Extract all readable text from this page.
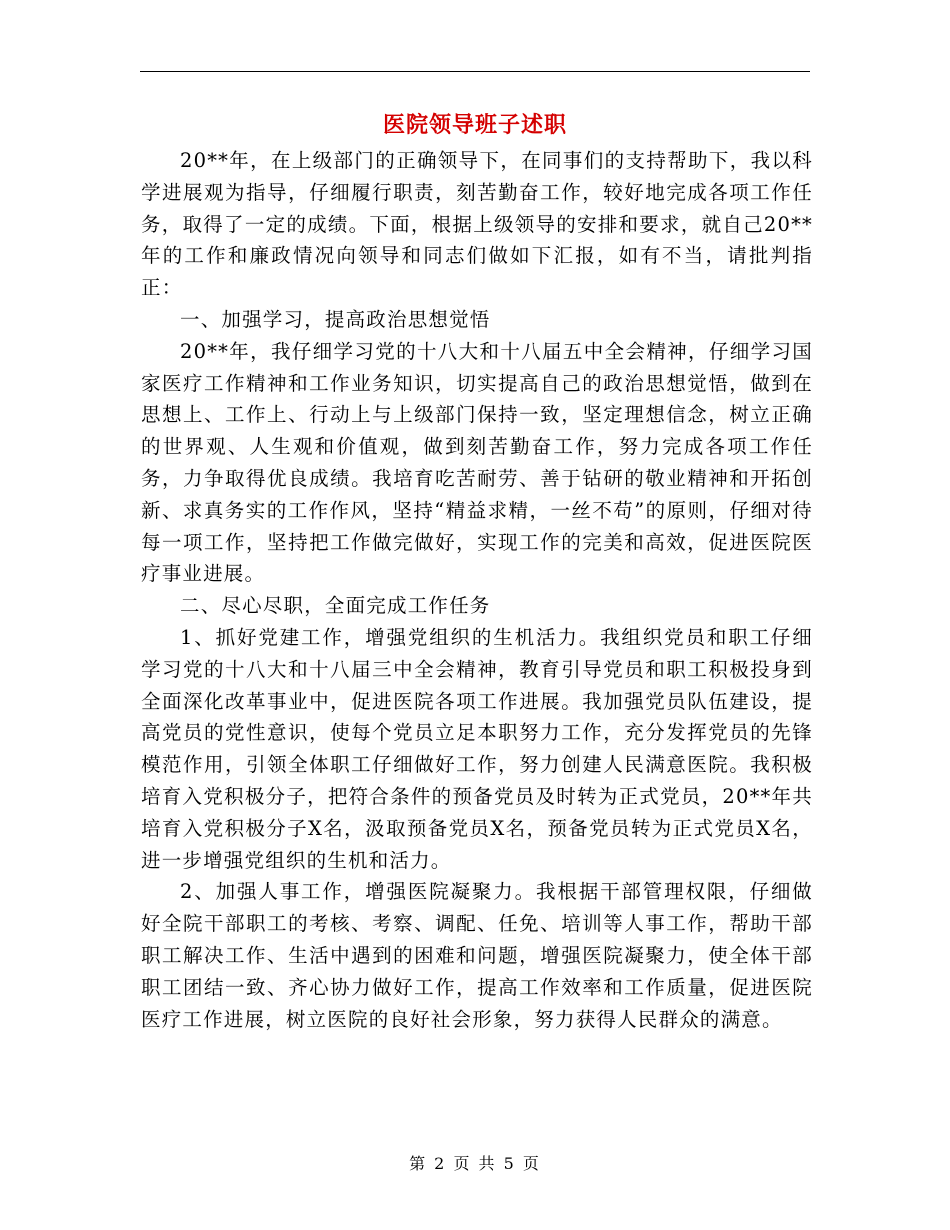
医院领导班子述职

20**年，在上级部门的正确领导下，在同事们的支持帮助下，我以科学进展观为指导，仔细履行职责，刻苦勤奋工作，较好地完成各项工作任务，取得了一定的成绩。下面，根据上级领导的安排和要求，就自己20**年的工作和廉政情况向领导和同志们做如下汇报，如有不当，请批判指正：

一、加强学习，提高政治思想觉悟

20**年，我仔细学习党的十八大和十八届五中全会精神，仔细学习国家医疗工作精神和工作业务知识，切实提高自己的政治思想觉悟，做到在思想上、工作上、行动上与上级部门保持一致，坚定理想信念，树立正确的世界观、人生观和价值观，做到刻苦勤奋工作，努力完成各项工作任务，力争取得优良成绩。我培育吃苦耐劳、善于钻研的敬业精神和开拓创新、求真务实的工作作风，坚持“精益求精，一丝不苟”的原则，仔细对待每一项工作，坚持把工作做完做好，实现工作的完美和高效，促进医院医疗事业进展。

二、尽心尽职，全面完成工作任务

1、抓好党建工作，增强党组织的生机活力。我组织党员和职工仔细学习党的十八大和十八届三中全会精神，教育引导党员和职工积极投身到全面深化改革事业中，促进医院各项工作进展。我加强党员队伍建设，提高党员的党性意识，使每个党员立足本职努力工作，充分发挥党员的先锋模范作用，引领全体职工仔细做好工作，努力创建人民满意医院。我积极培育入党积极分子，把符合条件的预备党员及时转为正式党员，20**年共培育入党积极分子X名，汲取预备党员X名，预备党员转为正式党员X名，进一步增强党组织的生机和活力。

2、加强人事工作，增强医院凝聚力。我根据干部管理权限，仔细做好全院干部职工的考核、考察、调配、任免、培训等人事工作，帮助干部职工解决工作、生活中遇到的困难和问题，增强医院凝聚力，使全体干部职工团结一致、齐心协力做好工作，提高工作效率和工作质量，促进医院医疗工作进展，树立医院的良好社会形象，努力获得人民群众的满意。

第 2 页 共 5 页
